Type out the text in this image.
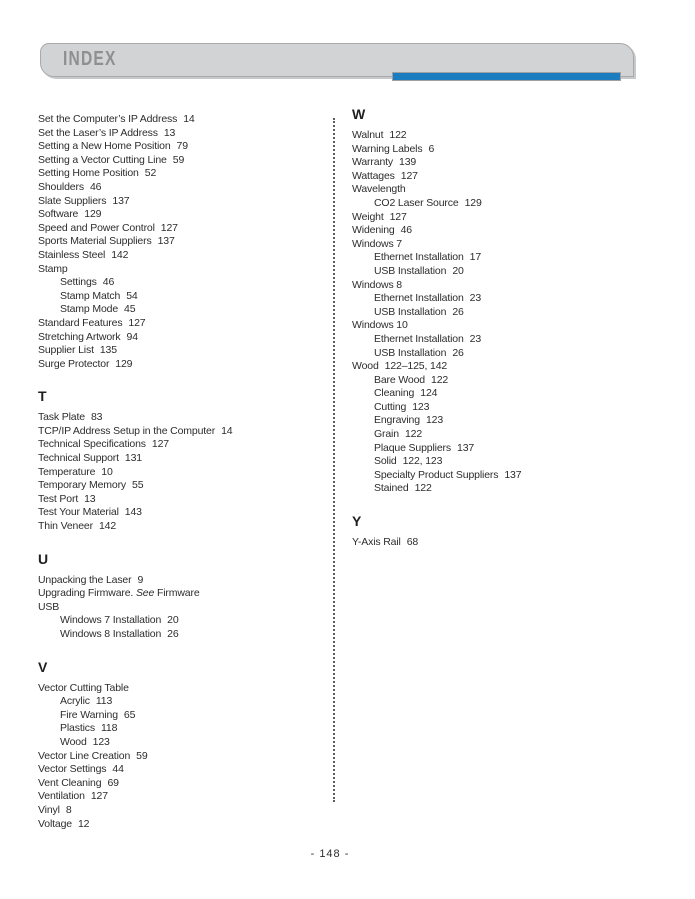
INDEX
Set the Computer’s IP Address 14
Set the Laser’s IP Address 13
Setting a New Home Position 79
Setting a Vector Cutting Line 59
Setting Home Position 52
Shoulders 46
Slate Suppliers 137
Software 129
Speed and Power Control 127
Sports Material Suppliers 137
Stainless Steel 142
Stamp
Settings 46
Stamp Match 54
Stamp Mode 45
Standard Features 127
Stretching Artwork 94
Supplier List 135
Surge Protector 129
T
Task Plate 83
TCP/IP Address Setup in the Computer 14
Technical Specifications 127
Technical Support 131
Temperature 10
Temporary Memory 55
Test Port 13
Test Your Material 143
Thin Veneer 142
U
Unpacking the Laser 9
Upgrading Firmware. See Firmware
USB
Windows 7 Installation 20
Windows 8 Installation 26
V
Vector Cutting Table
Acrylic 113
Fire Warning 65
Plastics 118
Wood 123
Vector Line Creation 59
Vector Settings 44
Vent Cleaning 69
Ventilation 127
Vinyl 8
Voltage 12
W
Walnut 122
Warning Labels 6
Warranty 139
Wattages 127
Wavelength
CO2 Laser Source 129
Weight 127
Widening 46
Windows 7
Ethernet Installation 17
USB Installation 20
Windows 8
Ethernet Installation 23
USB Installation 26
Windows 10
Ethernet Installation 23
USB Installation 26
Wood 122–125, 142
Bare Wood 122
Cleaning 124
Cutting 123
Engraving 123
Grain 122
Plaque Suppliers 137
Solid 122, 123
Specialty Product Suppliers 137
Stained 122
Y
Y-Axis Rail 68
- 148 -
